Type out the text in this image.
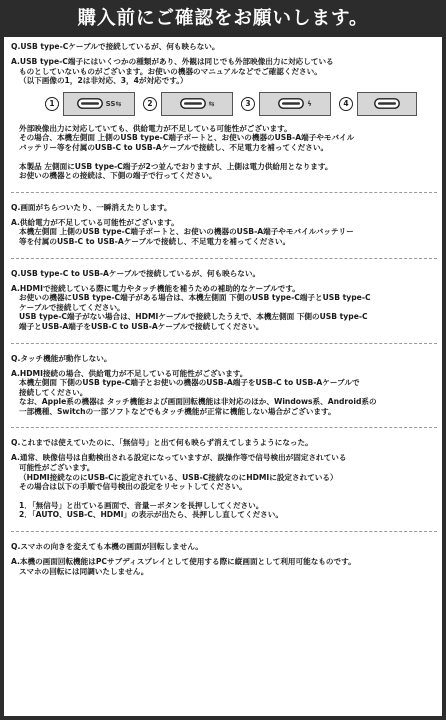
購入前にご確認をお願いします。

Q.USB type-Cケーブルで接続しているが、何も映らない。

A.USB type-C端子にはいくつかの種類があり、外観は同じでも外部映像出力に対応している

ものとしていないものがございます。お使いの機器のマニュアルなどでご確認ください。

（以下画像の1，2は非対応、3，4が対応です。）

1	SS⇆	2	⇆	3	ϟ	4

外部映像出力に対応していても、供給電力が不足している可能性がございます。

その場合、本機左側面 上側のUSB type-C端子ポートと、お使いの機器のUSB-A端子やモバイル

バッテリー等を付属のUSB-C to USB-Aケーブルで接続し、不足電力を補ってください。

本製品 左側面にUSB type-C端子が2つ並んでおりますが、上側は電力供給用となります。

お使いの機器との接続は、下側の端子で行ってください。

Q.画面がちらついたり、一瞬消えたりします。

A.供給電力が不足している可能性がございます。

本機左側面 上側のUSB type-C端子ポートと、お使いの機器のUSB-A端子やモバイルバッテリー

等を付属のUSB-C to USB-Aケーブルで接続し、不足電力を補ってください。

Q.USB type-C to USB-Aケーブルで接続しているが、何も映らない。

A.HDMIで接続している際に電力やタッチ機能を補うための補助的なケーブルです。

お使いの機器にUSB type-C端子がある場合は、本機左側面 下側のUSB type-C端子とUSB type-C

ケーブルで接続してください。

USB type-C端子がない場合は、HDMIケーブルで接続したうえで、本機左側面 下側のUSB type-C

端子とUSB-A端子をUSB-C to USB-Aケーブルで接続してください。

Q.タッチ機能が動作しない。

A.HDMI接続の場合、供給電力が不足している可能性がございます。

本機左側面 下側のUSB type-C端子とお使いの機器のUSB-A端子をUSB-C to USB-Aケーブルで

接続してください。

なお、Apple系の機器は タッチ機能および画面回転機能は非対応のほか、Windows系、Android系の

一部機種、Switchの一部ソフトなどでもタッチ機能が正常に機能しない場合がございます。

Q.これまでは使えていたのに、「無信号」と出て何も映らず消えてしまうようになった。

A.通常、映像信号は自動検出される設定になっていますが、誤操作等で信号検出が固定されている

可能性がございます。

（HDMI接続なのにUSB-Cに設定されている、USB-C接続なのにHDMIに設定されている）

その場合は以下の手順で信号検出の設定をリセットしてください。

1．「無信号」と出ている画面で、音量－ボタンを長押ししてください。

2．「AUTO、USB-C、HDMI」の表示が出たら、長押しし直してください。

Q.スマホの向きを変えても本機の画面が回転しません。

A.本機の画面回転機能はPCサブディスプレイとして使用する際に縦画面として利用可能なものです。

スマホの回転には同調いたしません。
